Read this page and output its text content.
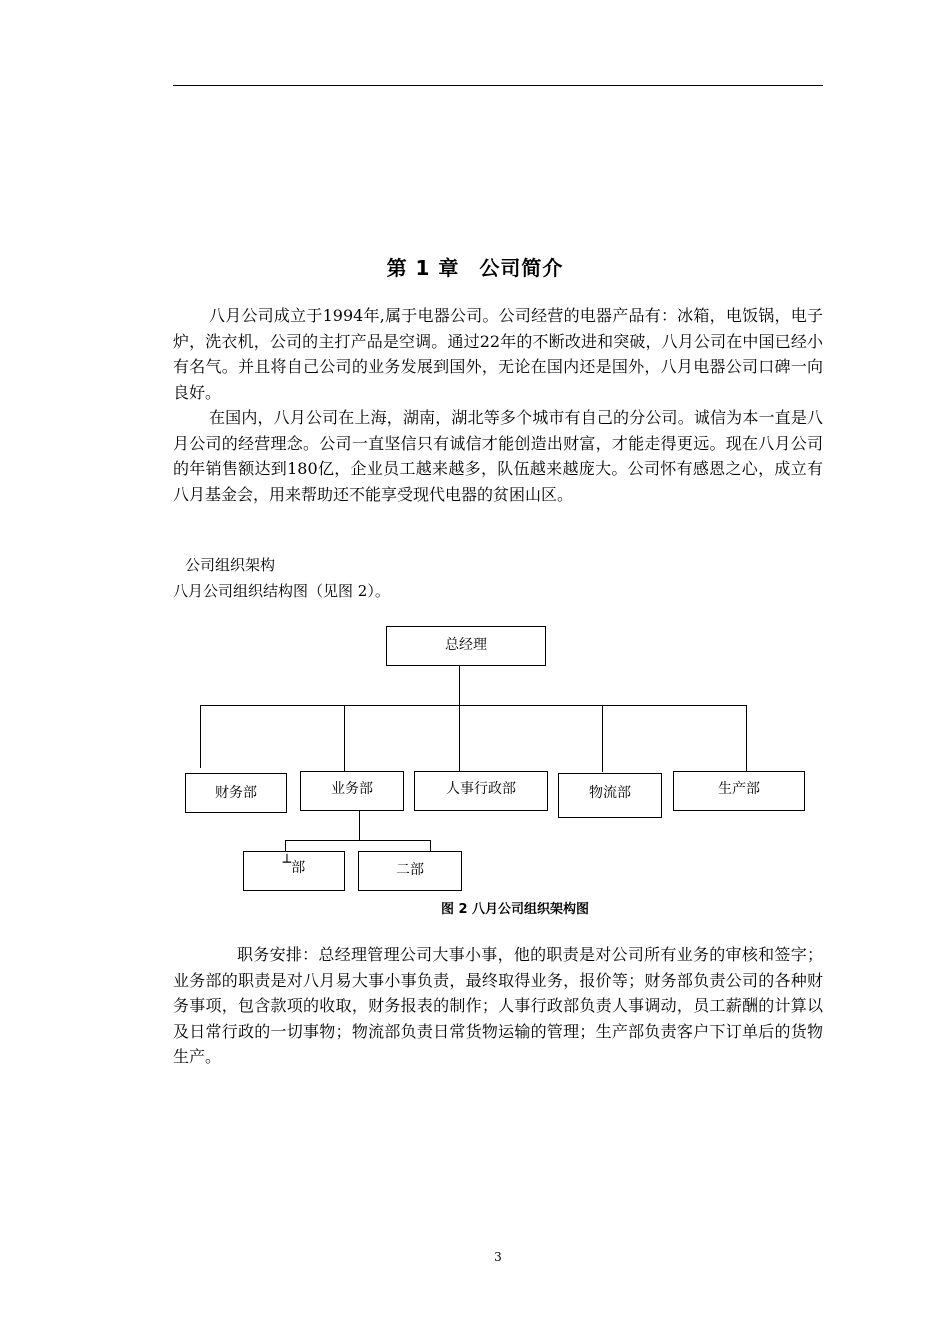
第 1 章 公司简介

八月公司成立于1994年,属于电器公司。公司经营的电器产品有：冰箱，电饭锅，电子炉，洗衣机，公司的主打产品是空调。通过22年的不断改进和突破，八月公司在中国已经小有名气。并且将自己公司的业务发展到国外，无论在国内还是国外，八月电器公司口碑一向良好。

在国内，八月公司在上海，湖南，湖北等多个城市有自己的分公司。诚信为本一直是八月公司的经营理念。公司一直坚信只有诚信才能创造出财富，才能走得更远。现在八月公司的年销售额达到180亿，企业员工越来越多，队伍越来越庞大。公司怀有感恩之心，成立有八月基金会，用来帮助还不能享受现代电器的贫困山区。

公司组织架构
八月公司组织结构图（见图 2）。
总经理
财务部	业务部	人事行政部	物流部	生产部
┴部	二部
图 2 八月公司组织架构图

职务安排：总经理管理公司大事小事，他的职责是对公司所有业务的审核和签字；业务部的职责是对八月易大事小事负责，最终取得业务，报价等；财务部负责公司的各种财务事项，包含款项的收取，财务报表的制作；人事行政部负责人事调动，员工薪酬的计算以及日常行政的一切事物；物流部负责日常货物运输的管理；生产部负责客户下订单后的货物生产。

3
